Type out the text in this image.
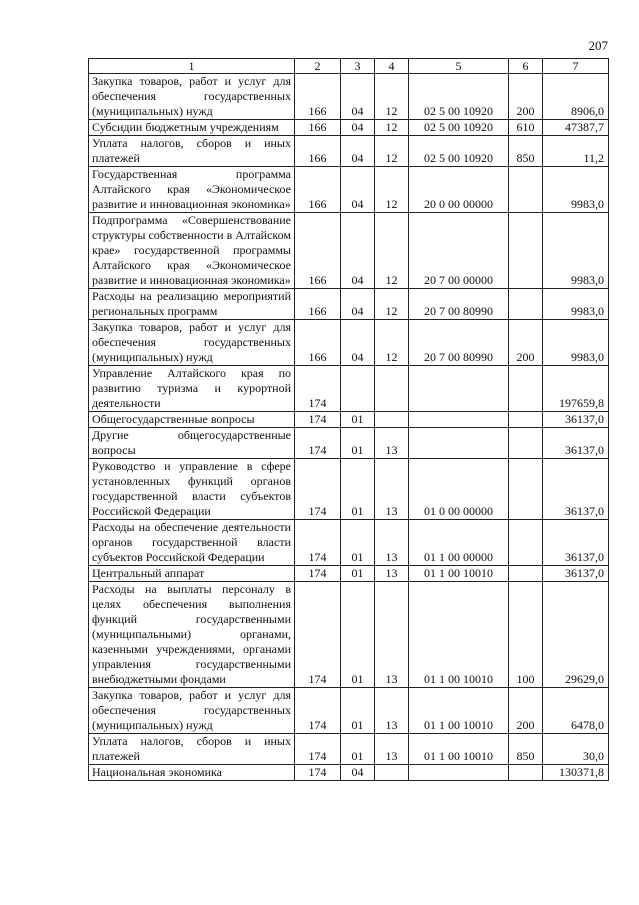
207
1	2	3	4	5	6	7
Закупка товаров, работ и услуг для обеспечения государственных (муниципальных) нужд	166	04	12	02 5 00 10920	200	8906,0
Субсидии бюджетным учреждениям	166	04	12	02 5 00 10920	610	47387,7
Уплата налогов, сборов и иных платежей	166	04	12	02 5 00 10920	850	11,2
Государственная программа Алтайского края «Экономическое развитие и инновационная экономика»	166	04	12	20 0 00 00000		9983,0
Подпрограмма «Совершенствование структуры собственности в Алтайском крае» государственной программы Алтайского края «Экономическое развитие и инновационная экономика»	166	04	12	20 7 00 00000		9983,0
Расходы на реализацию мероприятий региональных программ	166	04	12	20 7 00 80990		9983,0
Закупка товаров, работ и услуг для обеспечения государственных (муниципальных) нужд	166	04	12	20 7 00 80990	200	9983,0
Управление Алтайского края по развитию туризма и курортной деятельности	174					197659,8
Общегосударственные вопросы	174	01				36137,0
Другие общегосударственные вопросы	174	01	13			36137,0
Руководство и управление в сфере установленных функций органов государственной власти субъектов Российской Федерации	174	01	13	01 0 00 00000		36137,0
Расходы на обеспечение деятельности органов государственной власти субъектов Российской Федерации	174	01	13	01 1 00 00000		36137,0
Центральный аппарат	174	01	13	01 1 00 10010		36137,0
Расходы на выплаты персоналу в целях обеспечения выполнения функций государственными (муниципальными) органами, казенными учреждениями, органами управления государственными внебюджетными фондами	174	01	13	01 1 00 10010	100	29629,0
Закупка товаров, работ и услуг для обеспечения государственных (муниципальных) нужд	174	01	13	01 1 00 10010	200	6478,0
Уплата налогов, сборов и иных платежей	174	01	13	01 1 00 10010	850	30,0
Национальная экономика	174	04				130371,8
